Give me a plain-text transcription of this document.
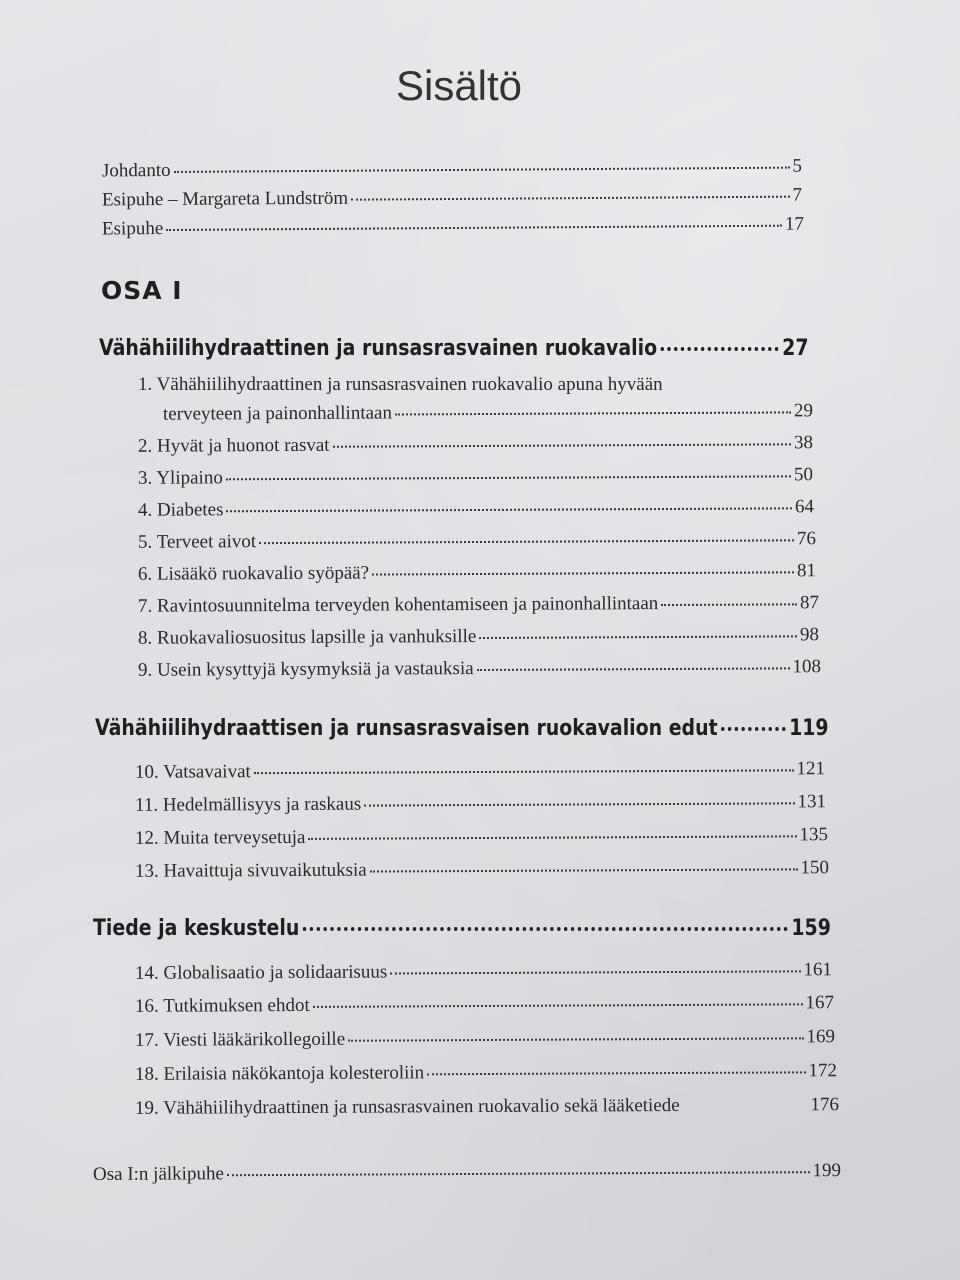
Sisältö
Johdanto	5
Esipuhe – Margareta Lundström	7
Esipuhe	17
OSA I
Vähähiilihydraattinen ja runsasrasvainen ruokavalio	27
1. Vähähiilihydraattinen ja runsasrasvainen ruokavalio apuna hyvään
terveyteen ja painonhallintaan	29
2. Hyvät ja huonot rasvat	38
3. Ylipaino	50
4. Diabetes	64
5. Terveet aivot	76
6. Lisääkö ruokavalio syöpää?	81
7. Ravintosuunnitelma terveyden kohentamiseen ja painonhallintaan	87
8. Ruokavaliosuositus lapsille ja vanhuksille	98
9. Usein kysyttyjä kysymyksiä ja vastauksia	108
Vähähiilihydraattisen ja runsasrasvaisen ruokavalion edut	119
10. Vatsavaivat	121
11. Hedelmällisyys ja raskaus	131
12. Muita terveysetuja	135
13. Havaittuja sivuvaikutuksia	150
Tiede ja keskustelu	159
14. Globalisaatio ja solidaarisuus	161
16. Tutkimuksen ehdot	167
17. Viesti lääkärikollegoille	169
18. Erilaisia näkökantoja kolesteroliin	172
19. Vähähiilihydraattinen ja runsasrasvainen ruokavalio sekä lääketiede	176
Osa I:n jälkipuhe	199
